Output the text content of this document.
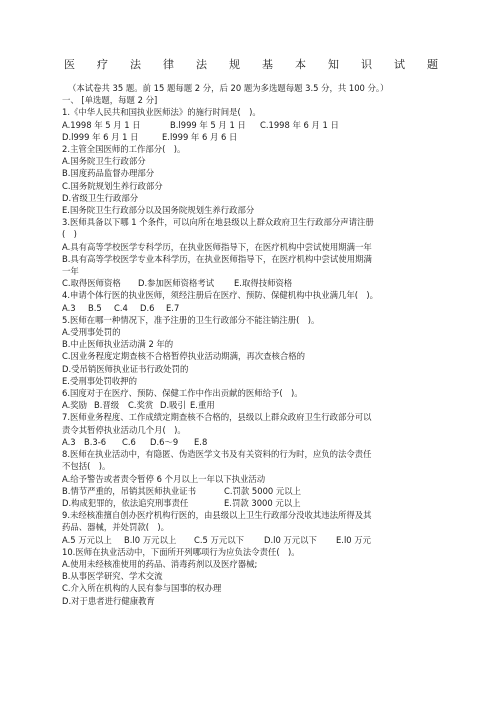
医 疗 法 律 法 规 基 本 知 识 试 题
（本试卷共 35 题。前 15 题每题 2 分，后 20 题为多选题每题 3.5 分，共 100 分。）
一、 [单选题，每题 2 分]
1.《中华人民共和国执业医师法》的施行时间是(　)。
A.1998 年 5 月 1 日	B.l999 年 5 月 1 日	C.1998 年 6 月 1 日
D.l999 年 6 月 1 日	E.l999 年 6 月 6 日
2.主管全国医师的工作部分(　)。
A.国务院卫生行政部分
B.国度药品监督办理部分
C.国务院规划生养行政部分
D.省级卫生行政部分
E.国务院卫生行政部分以及国务院规划生养行政部分
3.医师具备以下哪 1 个条件，可以向所在地县级以上群众政府卫生行政部分声请注册
(　)
A.具有高等学校医学专科学历，在执业医师指导下，在医疗机构中尝试使用期满一年
B.具有高等学校医学专业本科学历，在执业医师指导下，在医疗机构中尝试使用期满
一年
C.取得医师资格	D.参加医师资格考试	E.取得技师资格
4.申请个体行医的执业医师，须经注册后在医疗、预防、保健机构中执业满几年(　)。
A.3	B.5	C.4	D.6	E.7
5.医师在哪一种情况下，准予注册的卫生行政部分不能注销注册(　)。
A.受刑事处罚的
B.中止医师执业活动满 2 年的
C.因业务程度定期查核不合格暂停执业活动期满，再次查核合格的
D.受吊销医师执业证书行政处罚的
E.受刑事处罚收押的
6.国度对于在医疗、预防、保健工作中作出贡献的医师给予(　)。
A.奖励 B.晋级	C.奖赏 D.吸引 E.重用
7.医师业务程度、工作成绩定期查核不合格的，县级以上群众政府卫生行政部分可以
责令其暂停执业活动几个月(　)。
A.3	B.3-6	C.6	D.6～9	E.8
8.医师在执业活动中，有隐匿、伪造医学文书及有关资料的行为时，应负的法令责任
不包括(　)。
A.给予警告或者责令暂停 6 个月以上一年以下执业活动
B.情节严重的，吊销其医师执业证书	C.罚款 5000 元以上
D.构成犯罪的，依法追究刑事责任	E.罚款 3000 元以上
9.未经核准擅自创办医疗机构行医的，由县级以上卫生行政部分没收其违法所得及其
药品、器械，并处罚款(　)。
A.5 万元以上	B.l0 万元以上	C.5 万元以下	D.l0 万元以下	E.l0 万元
10.医师在执业活动中，下面所开列哪项行为应负法令责任(　)。
A.使用未经核准使用的药品、消毒药剂以及医疗器械;
B.从事医学研究、学术交流
C.介入所在机构的人民有参与国事的权办理
D.对于患者进行健康教育
